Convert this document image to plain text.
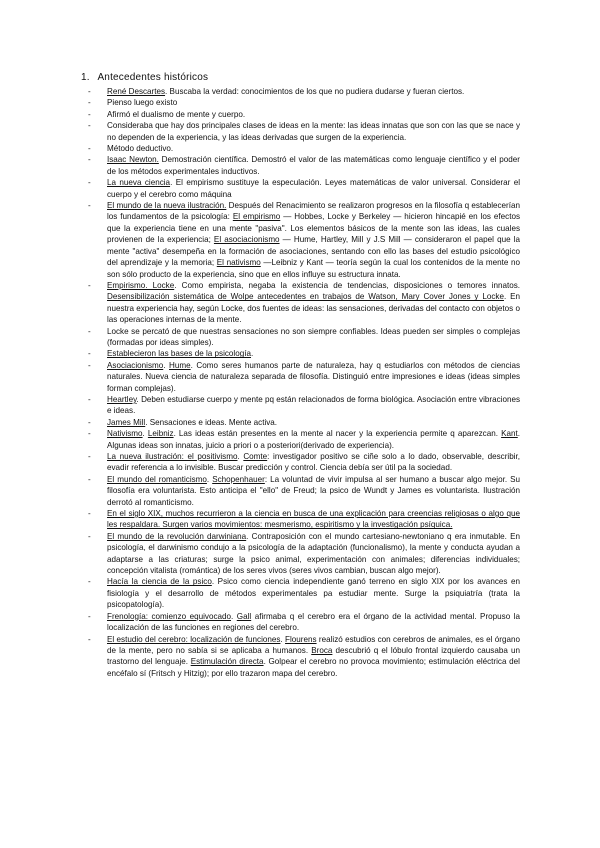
1. Antecedentes históricos
- René Descartes. Buscaba la verdad: conocimientos de los que no pudiera dudarse y fueran ciertos.
- Pienso luego existo
- Afirmó el dualismo de mente y cuerpo.
- Consideraba que hay dos principales clases de ideas en la mente: las ideas innatas que son con las que se nace y no dependen de la experiencia, y las ideas derivadas que surgen de la experiencia.
- Método deductivo.
- Isaac Newton. Demostración científica. Demostró el valor de las matemáticas como lenguaje científico y el poder de los métodos experimentales inductivos.
- La nueva ciencia. El empirismo sustituye la especulación. Leyes matemáticas de valor universal. Considerar el cuerpo y el cerebro como máquina
- El mundo de la nueva ilustración. Después del Renacimiento se realizaron progresos en la filosofía q establecerían los fundamentos de la psicología: El empirismo — Hobbes, Locke y Berkeley — hicieron hincapié en los efectos que la experiencia tiene en una mente "pasiva". Los elementos básicos de la mente son las ideas, las cuales provienen de la experiencia; El asociacionismo — Hume, Hartley, Mill y J.S Mill — consideraron el papel que la mente "activa" desempeña en la formación de asociaciones, sentando con ello las bases del estudio psicológico del aprendizaje y la memoria; El nativismo —Leibniz y Kant — teoría según la cual los contenidos de la mente no son sólo producto de la experiencia, sino que en ellos influye su estructura innata.
- Empirismo. Locke. Como empirista, negaba la existencia de tendencias, disposiciones o temores innatos. Desensibilización sistemática de Wolpe antecedentes en trabajos de Watson, Mary Cover Jones y Locke. En nuestra experiencia hay, según Locke, dos fuentes de ideas: las sensaciones, derivadas del contacto con objetos o las operaciones internas de la mente.
- Locke se percató de que nuestras sensaciones no son siempre confiables. Ideas pueden ser simples o complejas (formadas por ideas simples).
- Establecieron las bases de la psicología.
- Asociacionismo. Hume. Como seres humanos parte de naturaleza, hay q estudiarlos con métodos de ciencias naturales. Nueva ciencia de naturaleza separada de filosofía. Distinguió entre impresiones e ideas (ideas simples forman complejas).
- Heartley. Deben estudiarse cuerpo y mente pq están relacionados de forma biológica. Asociación entre vibraciones e ideas.
- James Mill. Sensaciones e ideas. Mente activa.
- Nativismo. Leibniz. Las ideas están presentes en la mente al nacer y la experiencia permite q aparezcan. Kant. Algunas ideas son innatas, juicio a priori o a posteriori(derivado de experiencia).
- La nueva ilustración: el positivismo. Comte: investigador positivo se ciñe solo a lo dado, observable, describir, evadir referencia a lo invisible. Buscar predicción y control. Ciencia debía ser útil pa la sociedad.
- El mundo del romanticismo. Schopenhauer: La voluntad de vivir impulsa al ser humano a buscar algo mejor. Su filosofía era voluntarista. Esto anticipa el "ello" de Freud; la psico de Wundt y James es voluntarista. Ilustración derrotó al romanticismo.
- En el siglo XIX, muchos recurrieron a la ciencia en busca de una explicación para creencias religiosas o algo que les respaldara. Surgen varios movimientos: mesmerismo, espiritismo y la investigación psíquica.
- El mundo de la revolución darwiniana. Contraposición con el mundo cartesiano-newtoniano q era inmutable. En psicología, el darwinismo condujo a la psicología de la adaptación (funcionalismo), la mente y conducta ayudan a adaptarse a las criaturas; surge la psico animal, experimentación con animales; diferencias individuales; concepción vitalista (romántica) de los seres vivos (seres vivos cambian, buscan algo mejor).
- Hacía la ciencia de la psico. Psico como ciencia independiente ganó terreno en siglo XIX por los avances en fisiología y el desarrollo de métodos experimentales pa estudiar mente. Surge la psiquiatría (trata la psicopatología).
- Frenología: comienzo equivocado. Gall afirmaba q el cerebro era el órgano de la actividad mental. Propuso la localización de las funciones en regiones del cerebro.
- El estudio del cerebro: localización de funciones. Flourens realizó estudios con cerebros de animales, es el órgano de la mente, pero no sabía si se aplicaba a humanos. Broca descubrió q el lóbulo frontal izquierdo causaba un trastorno del lenguaje. Estimulación directa. Golpear el cerebro no provoca movimiento; estimulación eléctrica del encéfalo sí (Fritsch y Hitzig); por ello trazaron mapa del cerebro.
